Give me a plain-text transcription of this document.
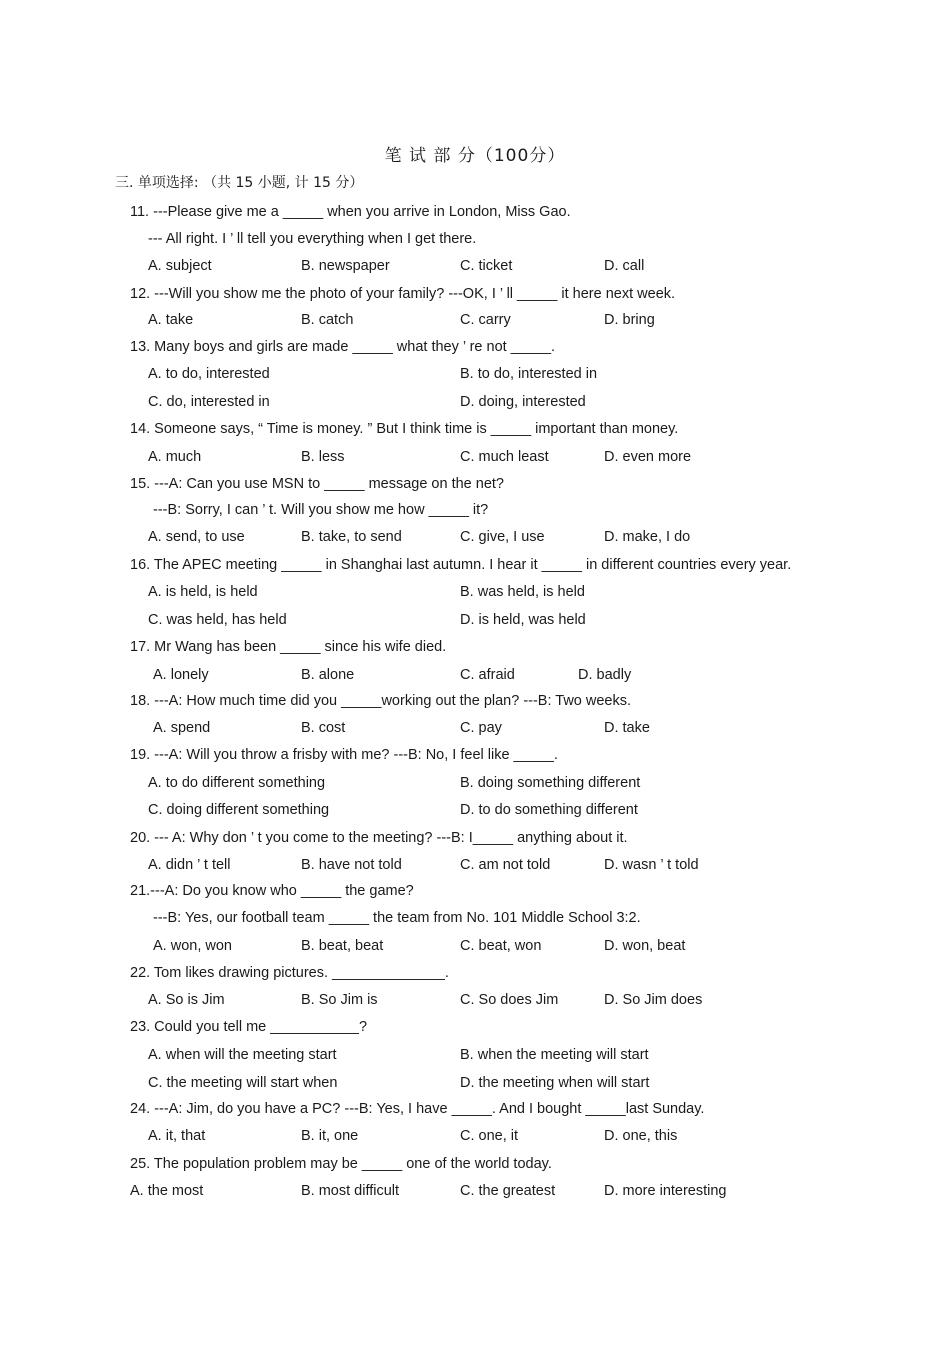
笔 试 部 分（100分）
三. 单项选择: （共 15 小题, 计 15 分）
11. ---Please give me a _____ when you arrive in London, Miss Gao.
--- All right. I ’ ll tell you everything when I get there.
A. subject	B. newspaper	C. ticket	D. call
12. ---Will you show me the photo of your family? ---OK, I ’ ll _____ it here next week.
A. take	B. catch	C. carry	D. bring
13. Many boys and girls are made _____ what they ’ re not _____.
A. to do, interested	B. to do, interested in
C. do, interested in	D. doing, interested
14. Someone says, “ Time is money. ” But I think time is _____ important than money.
A. much	B. less	C. much least	D. even more
15. ---A: Can you use MSN to _____ message on the net?
---B: Sorry, I can ’ t. Will you show me how _____ it?
A. send, to use	B. take, to send	C. give, I use	D. make, I do
16. The APEC meeting _____ in Shanghai last autumn. I hear it _____ in different countries every year.
A. is held, is held	B. was held, is held
C. was held, has held	D. is held, was held
17. Mr Wang has been _____ since his wife died.
A. lonely	B. alone	C. afraid	D. badly
18. ---A: How much time did you _____working out the plan? ---B: Two weeks.
A. spend	B. cost	C. pay	D. take
19. ---A: Will you throw a frisby with me? ---B: No, I feel like _____.
A. to do different something	B. doing something different
C. doing different something	D. to do something different
20. --- A: Why don ’ t you come to the meeting? ---B: I_____ anything about it.
A. didn ’ t tell	B. have not told	C. am not told	D. wasn ’ t told
21.---A: Do you know who _____ the game?
---B: Yes, our football team _____ the team from No. 101 Middle School 3:2.
A. won, won	B. beat, beat	C. beat, won	D. won, beat
22. Tom likes drawing pictures. ______________.
A. So is Jim	B. So Jim is	C. So does Jim	D. So Jim does
23. Could you tell me ___________?
A. when will the meeting start	B. when the meeting will start
C. the meeting will start when	D. the meeting when will start
24. ---A: Jim, do you have a PC? ---B: Yes, I have _____. And I bought _____last Sunday.
A. it, that	B. it, one	C. one, it	D. one, this
25. The population problem may be _____ one of the world today.
A. the most	B. most difficult	C. the greatest	D. more interesting
